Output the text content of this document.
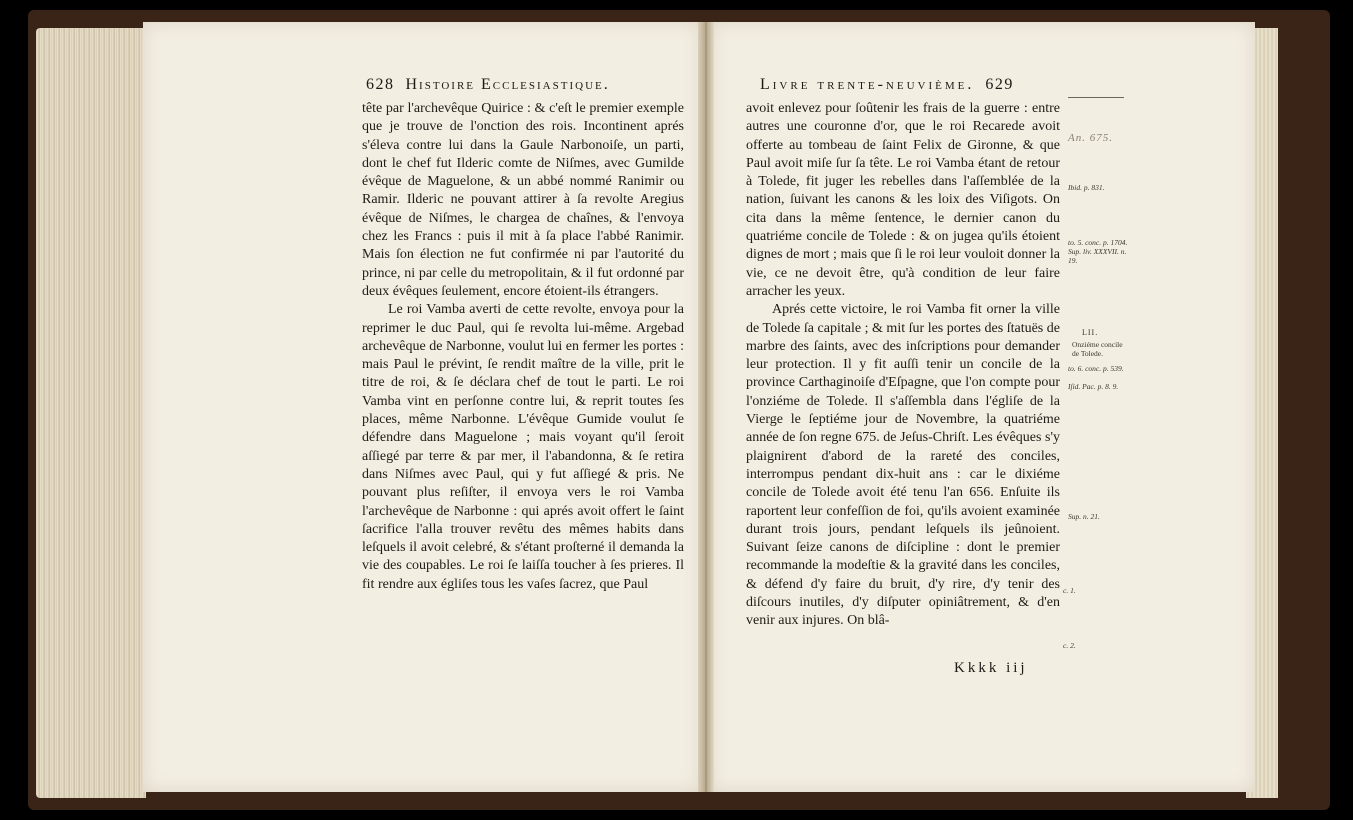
628 Histoire Ecclesiastique.

tête par l'archevêque Quirice : & c'eſt le premier exemple que je trouve de l'onction des rois. Incontinent aprés s'éleva contre lui dans la Gaule Narbonoiſe, un parti, dont le chef fut Ilderic comte de Niſmes, avec Gumilde évêque de Maguelone, & un abbé nommé Ranimir ou Ramir. Ilderic ne pouvant attirer à ſa revolte Aregius évêque de Niſmes, le chargea de chaînes, & l'envoya chez les Francs : puis il mit à ſa place l'abbé Ranimir. Mais ſon élection ne fut confirmée ni par l'autorité du prince, ni par celle du metropolitain, & il fut ordonné par deux évêques ſeulement, encore étoient-ils étrangers.

Le roi Vamba averti de cette revolte, envoya pour la reprimer le duc Paul, qui ſe revolta lui-même. Argebad archevêque de Narbonne, voulut lui en fermer les portes : mais Paul le prévint, ſe rendit maître de la ville, prit le titre de roi, & ſe déclara chef de tout le parti. Le roi Vamba vint en perſonne contre lui, & reprit toutes ſes places, même Narbonne. L'évêque Gumide voulut ſe défendre dans Maguelone ; mais voyant qu'il ſeroit aſſiegé par terre & par mer, il l'abandonna, & ſe retira dans Niſmes avec Paul, qui y fut aſſiegé & pris. Ne pouvant plus reſiſter, il envoya vers le roi Vamba l'archevêque de Narbonne : qui aprés avoit offert le ſaint ſacrifice l'alla trouver revêtu des mêmes habits dans leſquels il avoit celebré, & s'étant proſterné il demanda la vie des coupables. Le roi ſe laiſſa toucher à ſes prieres. Il fit rendre aux égliſes tous les vaſes ſacrez, que Paul

Livre trente-neuvième. 629

avoit enlevez pour ſoûtenir les frais de la guerre : entre autres une couronne d'or, que le roi Recarede avoit offerte au tombeau de ſaint Felix de Gironne, & que Paul avoit miſe ſur ſa tête. Le roi Vamba étant de retour à Tolede, fit juger les rebelles dans l'aſſemblée de la nation, ſuivant les canons & les loix des Viſigots. On cita dans la même ſentence, le dernier canon du quatriéme concile de Tolede : & on jugea qu'ils étoient dignes de mort ; mais que ſi le roi leur vouloit donner la vie, ce ne devoit être, qu'à condition de leur faire arracher les yeux.

Aprés cette victoire, le roi Vamba fit orner la ville de Tolede ſa capitale ; & mit ſur les portes des ſtatuës de marbre des ſaints, avec des inſcriptions pour demander leur protection. Il y fit auſſi tenir un concile de la province Carthaginoiſe d'Eſpagne, que l'on compte pour l'onziéme de Tolede. Il s'aſſembla dans l'égliſe de la Vierge le ſeptiéme jour de Novembre, la quatriéme année de ſon regne 675. de Jeſus-Chriſt. Les évêques s'y plaignirent d'abord de la rareté des conciles, interrompus pendant dix-huit ans : car le dixiéme concile de Tolede avoit été tenu l'an 656. Enſuite ils raportent leur confeſſion de foi, qu'ils avoient examinée durant trois jours, pendant leſquels ils jeûnoient. Suivant ſeize canons de diſcipline : dont le premier recommande la modeſtie & la gravité dans les conciles, & défend d'y faire du bruit, d'y rire, d'y tenir des diſcours inutiles, d'y diſputer opiniâtrement, & d'en venir aux injures. On blâ-

Kkkk iij
An. 675.
Ibid. p. 831.
to. 5. conc. p. 1704.
Sup. liv. XXXVII. n. 19.
LII.
Onziéme concile de Tolede.
to. 6. conc. p. 539.
Iſid. Pac. p. 8. 9.
Sup. n. 21.
c. 1.
c. 2.
